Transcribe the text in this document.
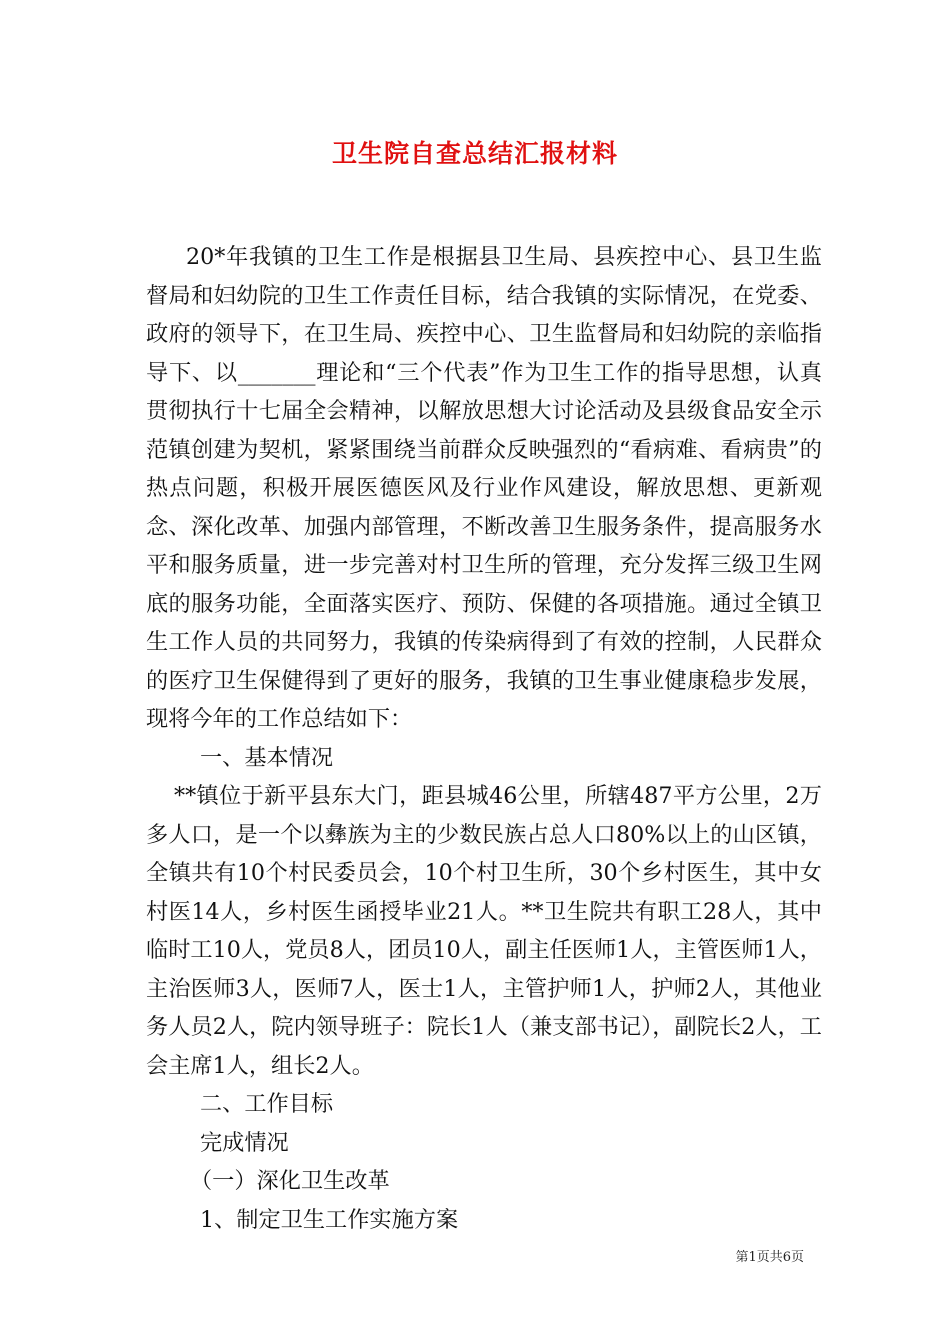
卫生院自查总结汇报材料

20*年我镇的卫生工作是根据县卫生局、县疾控中心、县卫生监督局和妇幼院的卫生工作责任目标，结合我镇的实际情况，在党委、政府的领导下，在卫生局、疾控中心、卫生监督局和妇幼院的亲临指导下、以_______理论和“三个代表”作为卫生工作的指导思想，认真贯彻执行十七届全会精神，以解放思想大讨论活动及县级食品安全示范镇创建为契机，紧紧围绕当前群众反映强烈的“看病难、看病贵”的热点问题，积极开展医德医风及行业作风建设，解放思想、更新观念、深化改革、加强内部管理，不断改善卫生服务条件，提高服务水平和服务质量，进一步完善对村卫生所的管理，充分发挥三级卫生网底的服务功能，全面落实医疗、预防、保健的各项措施。通过全镇卫生工作人员的共同努力，我镇的传染病得到了有效的控制，人民群众的医疗卫生保健得到了更好的服务，我镇的卫生事业健康稳步发展，现将今年的工作总结如下：

一、基本情况

**镇位于新平县东大门，距县城46公里，所辖487平方公里，2万多人口，是一个以彝族为主的少数民族占总人口80%以上的山区镇，全镇共有10个村民委员会，10个村卫生所，30个乡村医生，其中女村医14人，乡村医生函授毕业21人。**卫生院共有职工28人，其中临时工10人，党员8人，团员10人，副主任医师1人，主管医师1人，主治医师3人，医师7人，医士1人，主管护师1人，护师2人，其他业务人员2人，院内领导班子：院长1人（兼支部书记），副院长2人，工会主席1人，组长2人。

二、工作目标

完成情况

（一）深化卫生改革

1、制定卫生工作实施方案

第1页共6页
